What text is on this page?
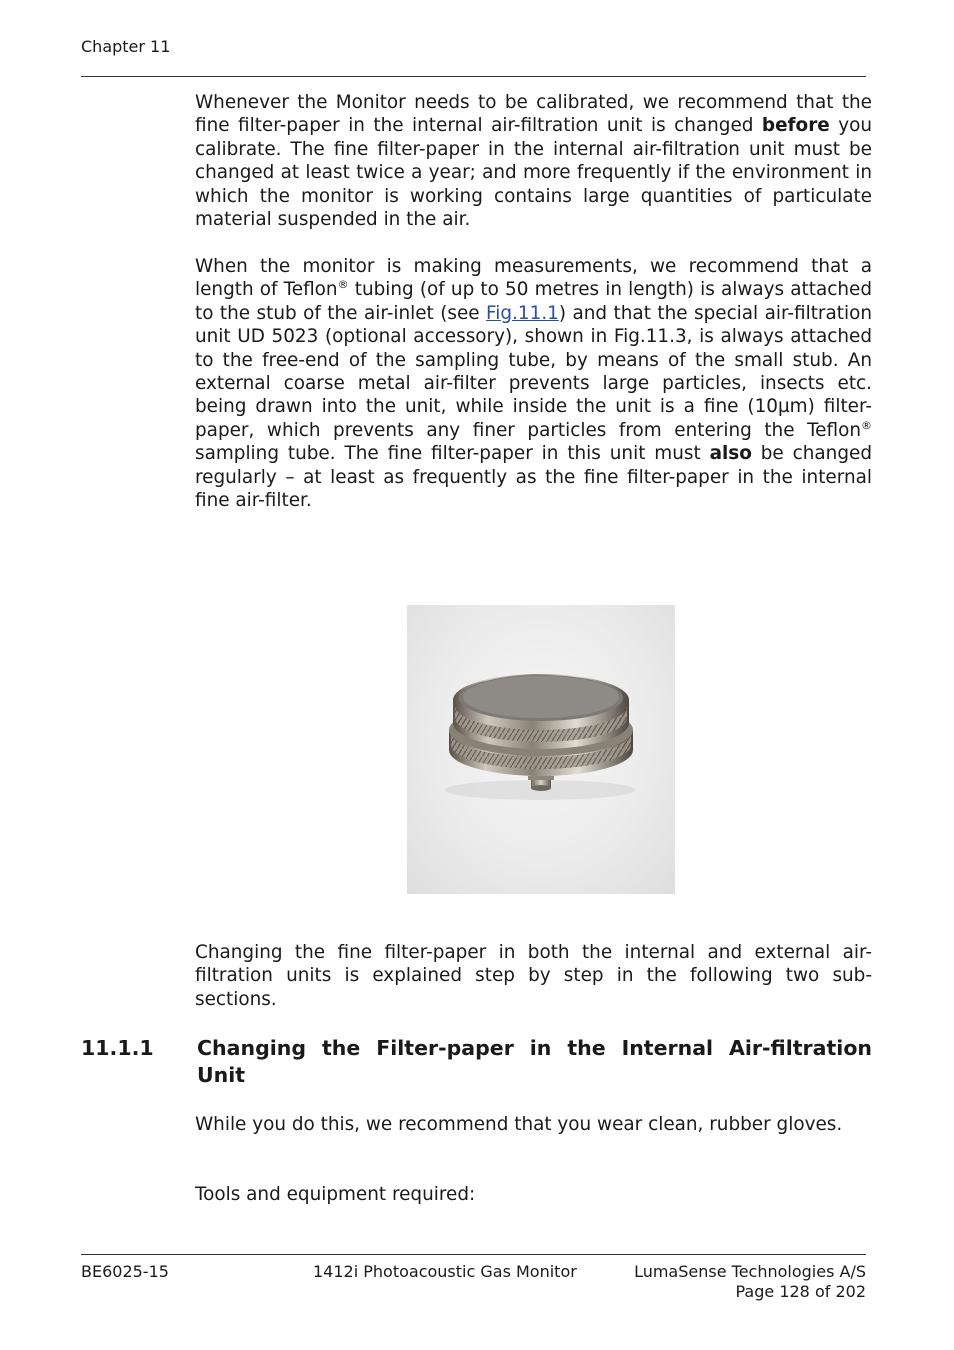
Chapter 11

Whenever the Monitor needs to be calibrated, we recommend that the fine filter-paper in the internal air-filtration unit is changed before you calibrate. The fine filter-paper in the internal air-filtration unit must be changed at least twice a year; and more frequently if the environment in which the monitor is working contains large quantities of particulate material suspended in the air.

When the monitor is making measurements, we recommend that a length of Teflon® tubing (of up to 50 metres in length) is always attached to the stub of the air-inlet (see Fig.11.1) and that the special air-filtration unit UD 5023 (optional accessory), shown in Fig.11.3, is always attached to the free-end of the sampling tube, by means of the small stub. An external coarse metal air-filter prevents large particles, insects etc. being drawn into the unit, while inside the unit is a fine (10µm) filter-paper, which prevents any finer particles from entering the Teflon® sampling tube. The fine filter-paper in this unit must also be changed regularly – at least as frequently as the fine filter-paper in the internal fine air-filter.

Changing the fine filter-paper in both the internal and external air-filtration units is explained step by step in the following two sub-sections.

11.1.1 Changing the Filter-paper in the Internal Air-filtration Unit

While you do this, we recommend that you wear clean, rubber gloves.

Tools and equipment required:

BE6025-15	1412i Photoacoustic Gas Monitor	LumaSense Technologies A/S
Page 128 of 202
